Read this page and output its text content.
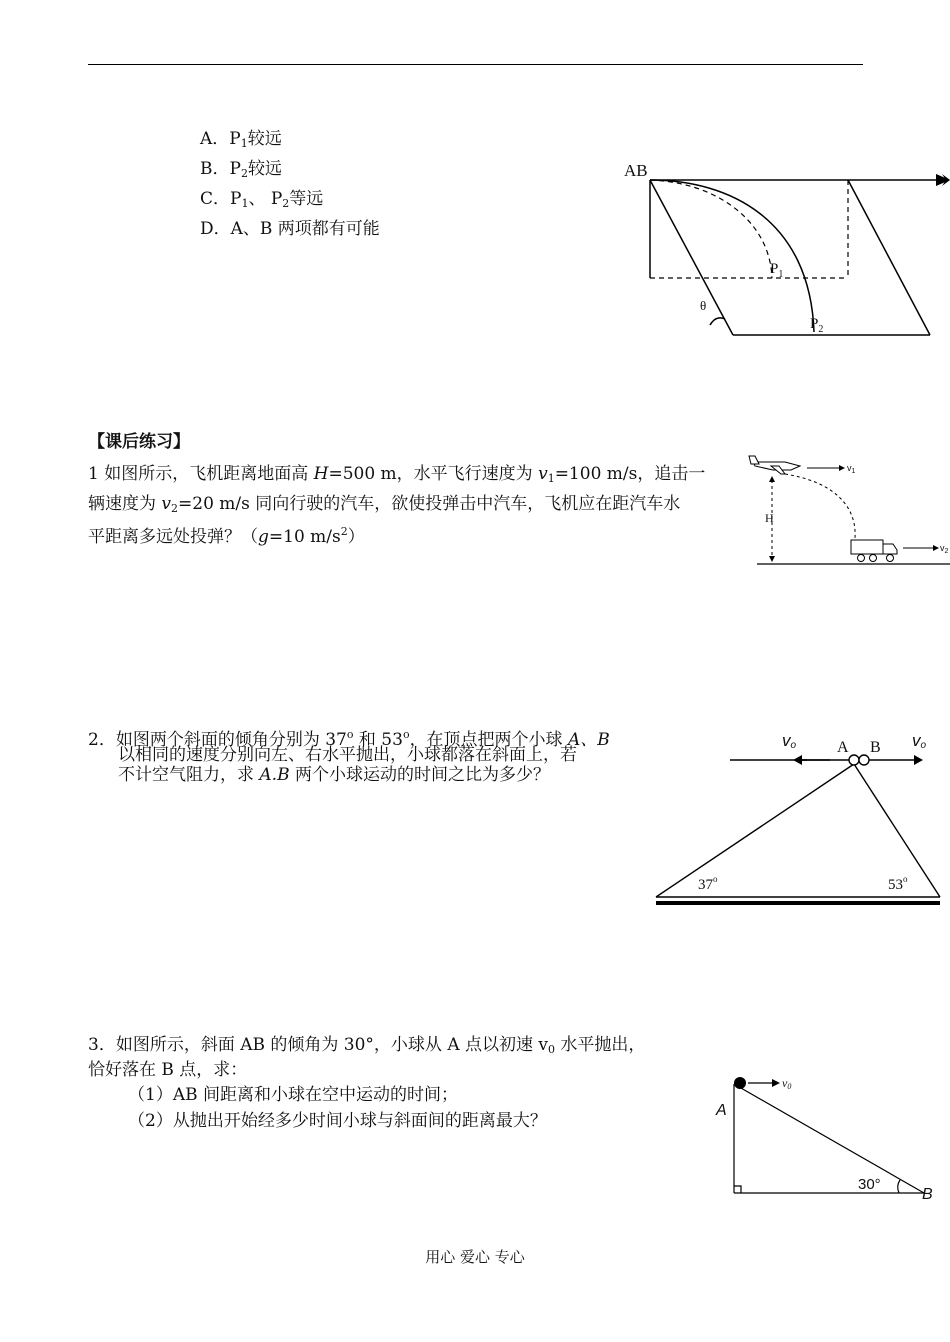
A．$P_1$较远
B．$P_2$较远
C．$P_1$、 $P_2$等远
D．A、B 两项都有可能
AB
$P_1$
$P_2$
θ
【课后练习】
1 如图所示，飞机距离地面高 H=500 m，水平飞行速度为 $v_1=100$ m/s，追击一
辆速度为 $v_2=20$ m/s 同向行驶的汽车，欲使投弹击中汽车，飞机应在距汽车水
平距离多远处投弹？（g=10 $m/s^2$）
$v_1$
H
$v_2$
2．如图两个斜面的倾角分别为 37$^o$ 和 53$^o$，在顶点把两个小球 A、B
以相同的速度分别向左、右水平抛出，小球都落在斜面上，若
不计空气阻力，求 A.B 两个小球运动的时间之比为多少？
vo	A B vo
37$^o$	53$^o$
3．如图所示，斜面 AB 的倾角为 30°，小球从 A 点以初速 $v_0$ 水平抛出，
恰好落在 B 点，求：
（1）AB 间距离和小球在空中运动的时间；
（2）从抛出开始经多少时间小球与斜面间的距离最大？
v0
A
B
30°
用心 爱心 专心
